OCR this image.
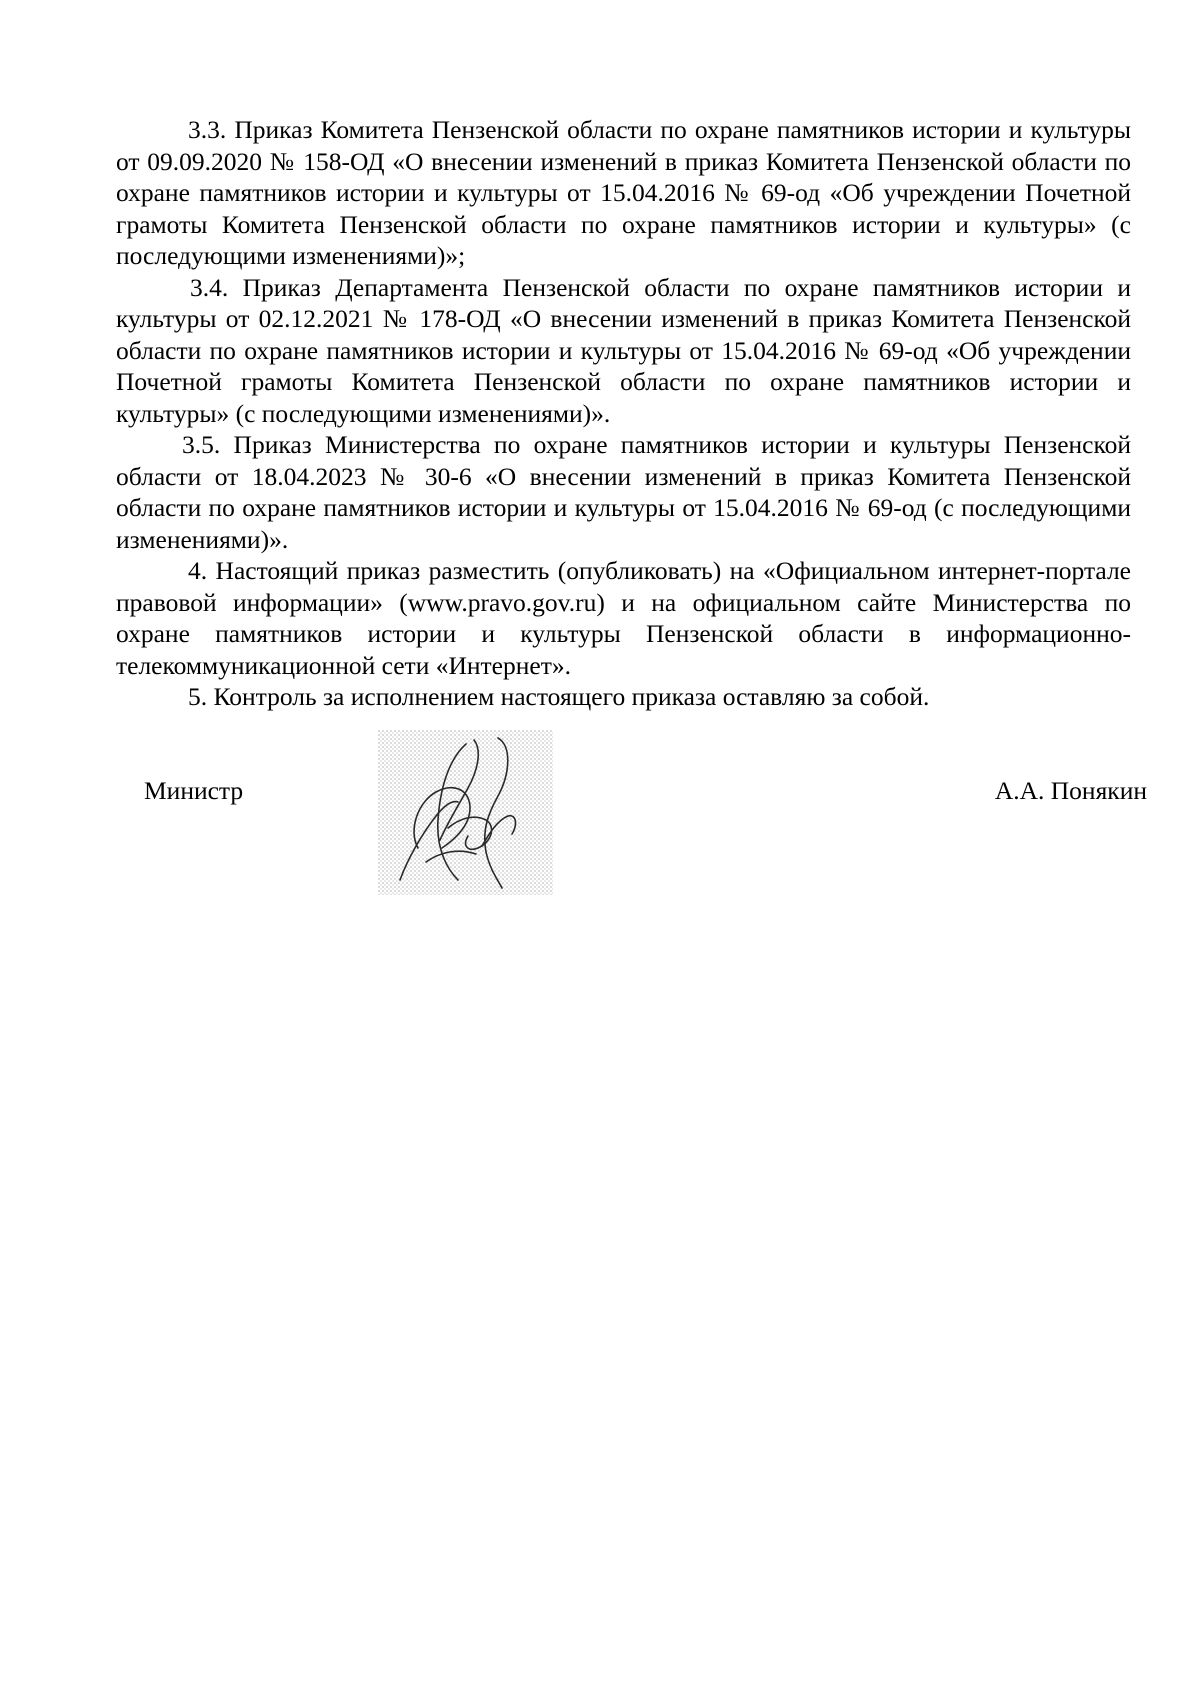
3.3. Приказ Комитета Пензенской области по охране памятников истории и культуры от 09.09.2020 № 158-ОД «О внесении изменений в приказ Комитета Пензенской области по охране памятников истории и культуры от 15.04.2016 № 69-од «Об учреждении Почетной грамоты Комитета Пензенской области по охране памятников истории и культуры» (с последующими изменениями)»;

3.4. Приказ Департамента Пензенской области по охране памятников истории и культуры от 02.12.2021 № 178-ОД «О внесении изменений в приказ Комитета Пензенской области по охране памятников истории и культуры от 15.04.2016 № 69-од «Об учреждении Почетной грамоты Комитета Пензенской области по охране памятников истории и культуры» (с последующими изменениями)».

3.5. Приказ Министерства по охране памятников истории и культуры Пензенской области от 18.04.2023 № 30-6 «О внесении изменений в приказ Комитета Пензенской области по охране памятников истории и культуры от 15.04.2016 № 69-од (с последующими изменениями)».

4. Настоящий приказ разместить (опубликовать) на «Официальном интернет-портале правовой информации» (www.pravo.gov.ru) и на официальном сайте Министерства по охране памятников истории и культуры Пензенской области в информационно-телекоммуникационной сети «Интернет».

5. Контроль за исполнением настоящего приказа оставляю за собой.

Министр	А.А. Понякин
